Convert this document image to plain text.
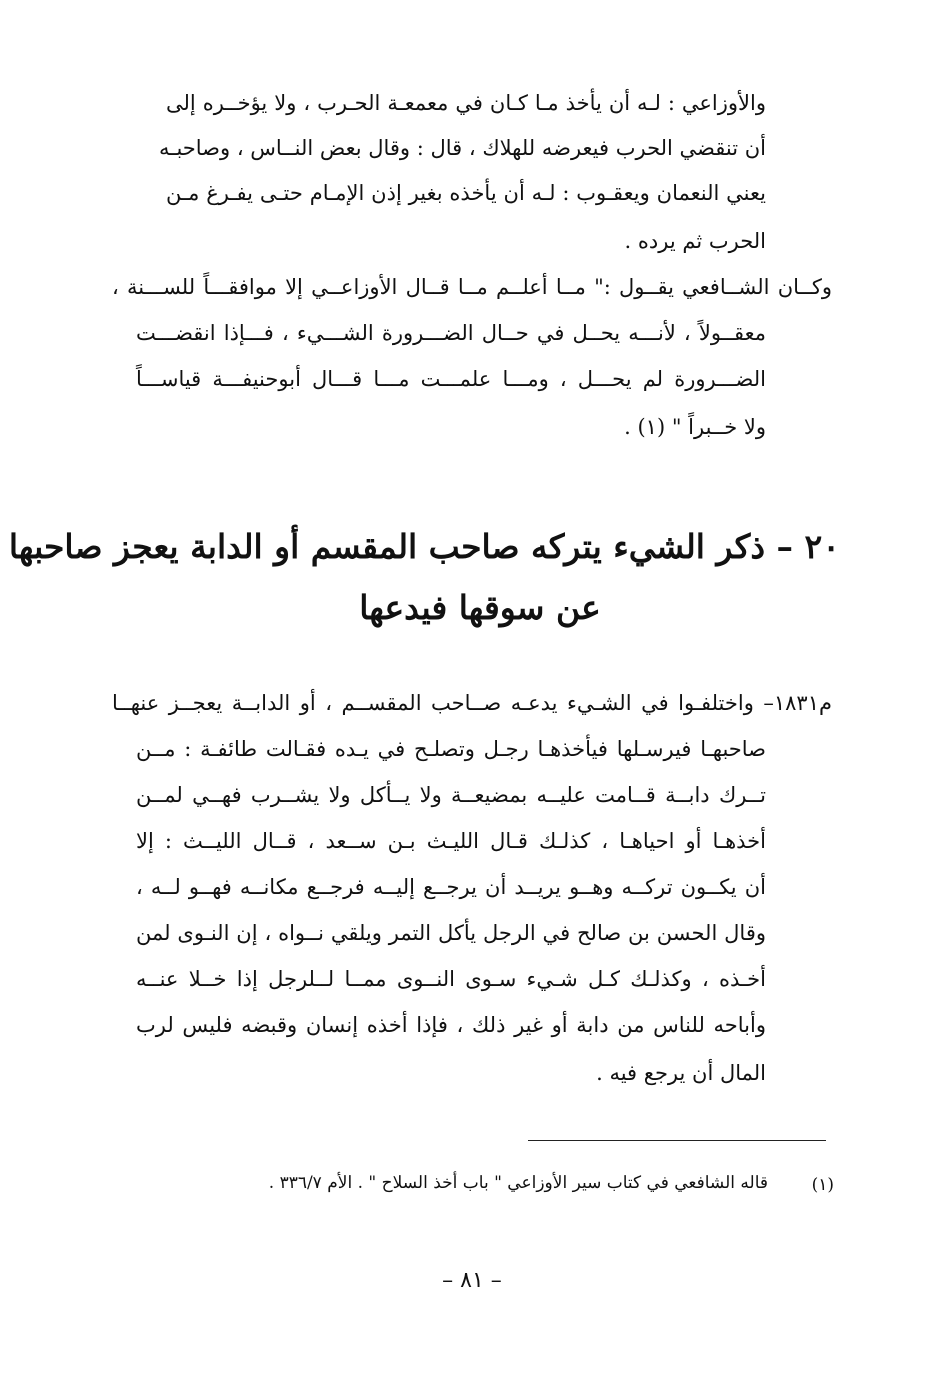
والأوزاعي : لـه أن يأخذ مـا كـان في معمعـة الحـرب ، ولا يؤخــره إلى
أن تنقضي الحرب فيعرضه للهلاك ، قال : وقال بعض النــاس ، وصاحبـه
يعني النعمان ويعقـوب : لـه أن يأخذه بغير إذن الإمـام حتـى يفـرغ مـن
الحرب ثم يرده .
وكــان الشــافعي يقــول :" مــا أعلــم مــا قــال الأوزاعــي إلا موافقـــاً للســـنة ،
معقــولاً ، لأنـــه يحــل في حــال الضـــرورة الشـــيء ، فـــإذا انقضـــت
الضـــرورة لم يحـــل ، ومـــا علمـــت مـــا قـــال أبوحنيفـــة قياســـاً
ولا خــبراً " (١) .
٢٠ – ذكر الشيء يتركه صاحب المقسم أو الدابة يعجز صاحبها
عن سوقها فيدعها
م١٨٣١– واختلفـوا في الشـيء يدعـه صــاحب المقســم ، أو الدابــة يعجــز عنهــا
صاحبهـا فيرسـلها فيأخذهـا رجـل وتصلـح في يـده فقـالت طائفـة : مــن
تــرك دابــة قــامت عليــه بمضيعــة ولا يــأكل ولا يشــرب فهــي لمــن
أخذهـا أو احياهـا ، كذلـك قـال الليـث بـن ســعد ، قــال الليــث : إلا
أن يكــون تركــه وهــو يريــد أن يرجــع إليــه فرجــع مكانــه فهــو لــه ،
وقال الحسن بن صالح في الرجل يأكل التمر ويلقي نــواه ، إن النـوى لمن
أخـذه ، وكذلـك كـل شـيء سـوى النــوى ممــا لــلرجل إذا خــلا عنــه
وأباحه للناس من دابة أو غير ذلك ، فإذا أخذه إنسان وقبضه فليس لرب
المال أن يرجع فيه .
(١)
قاله الشافعي في كتاب سير الأوزاعي " باب أخذ السلاح " . الأم ٣٣٦/٧ .
– ٨١ –
